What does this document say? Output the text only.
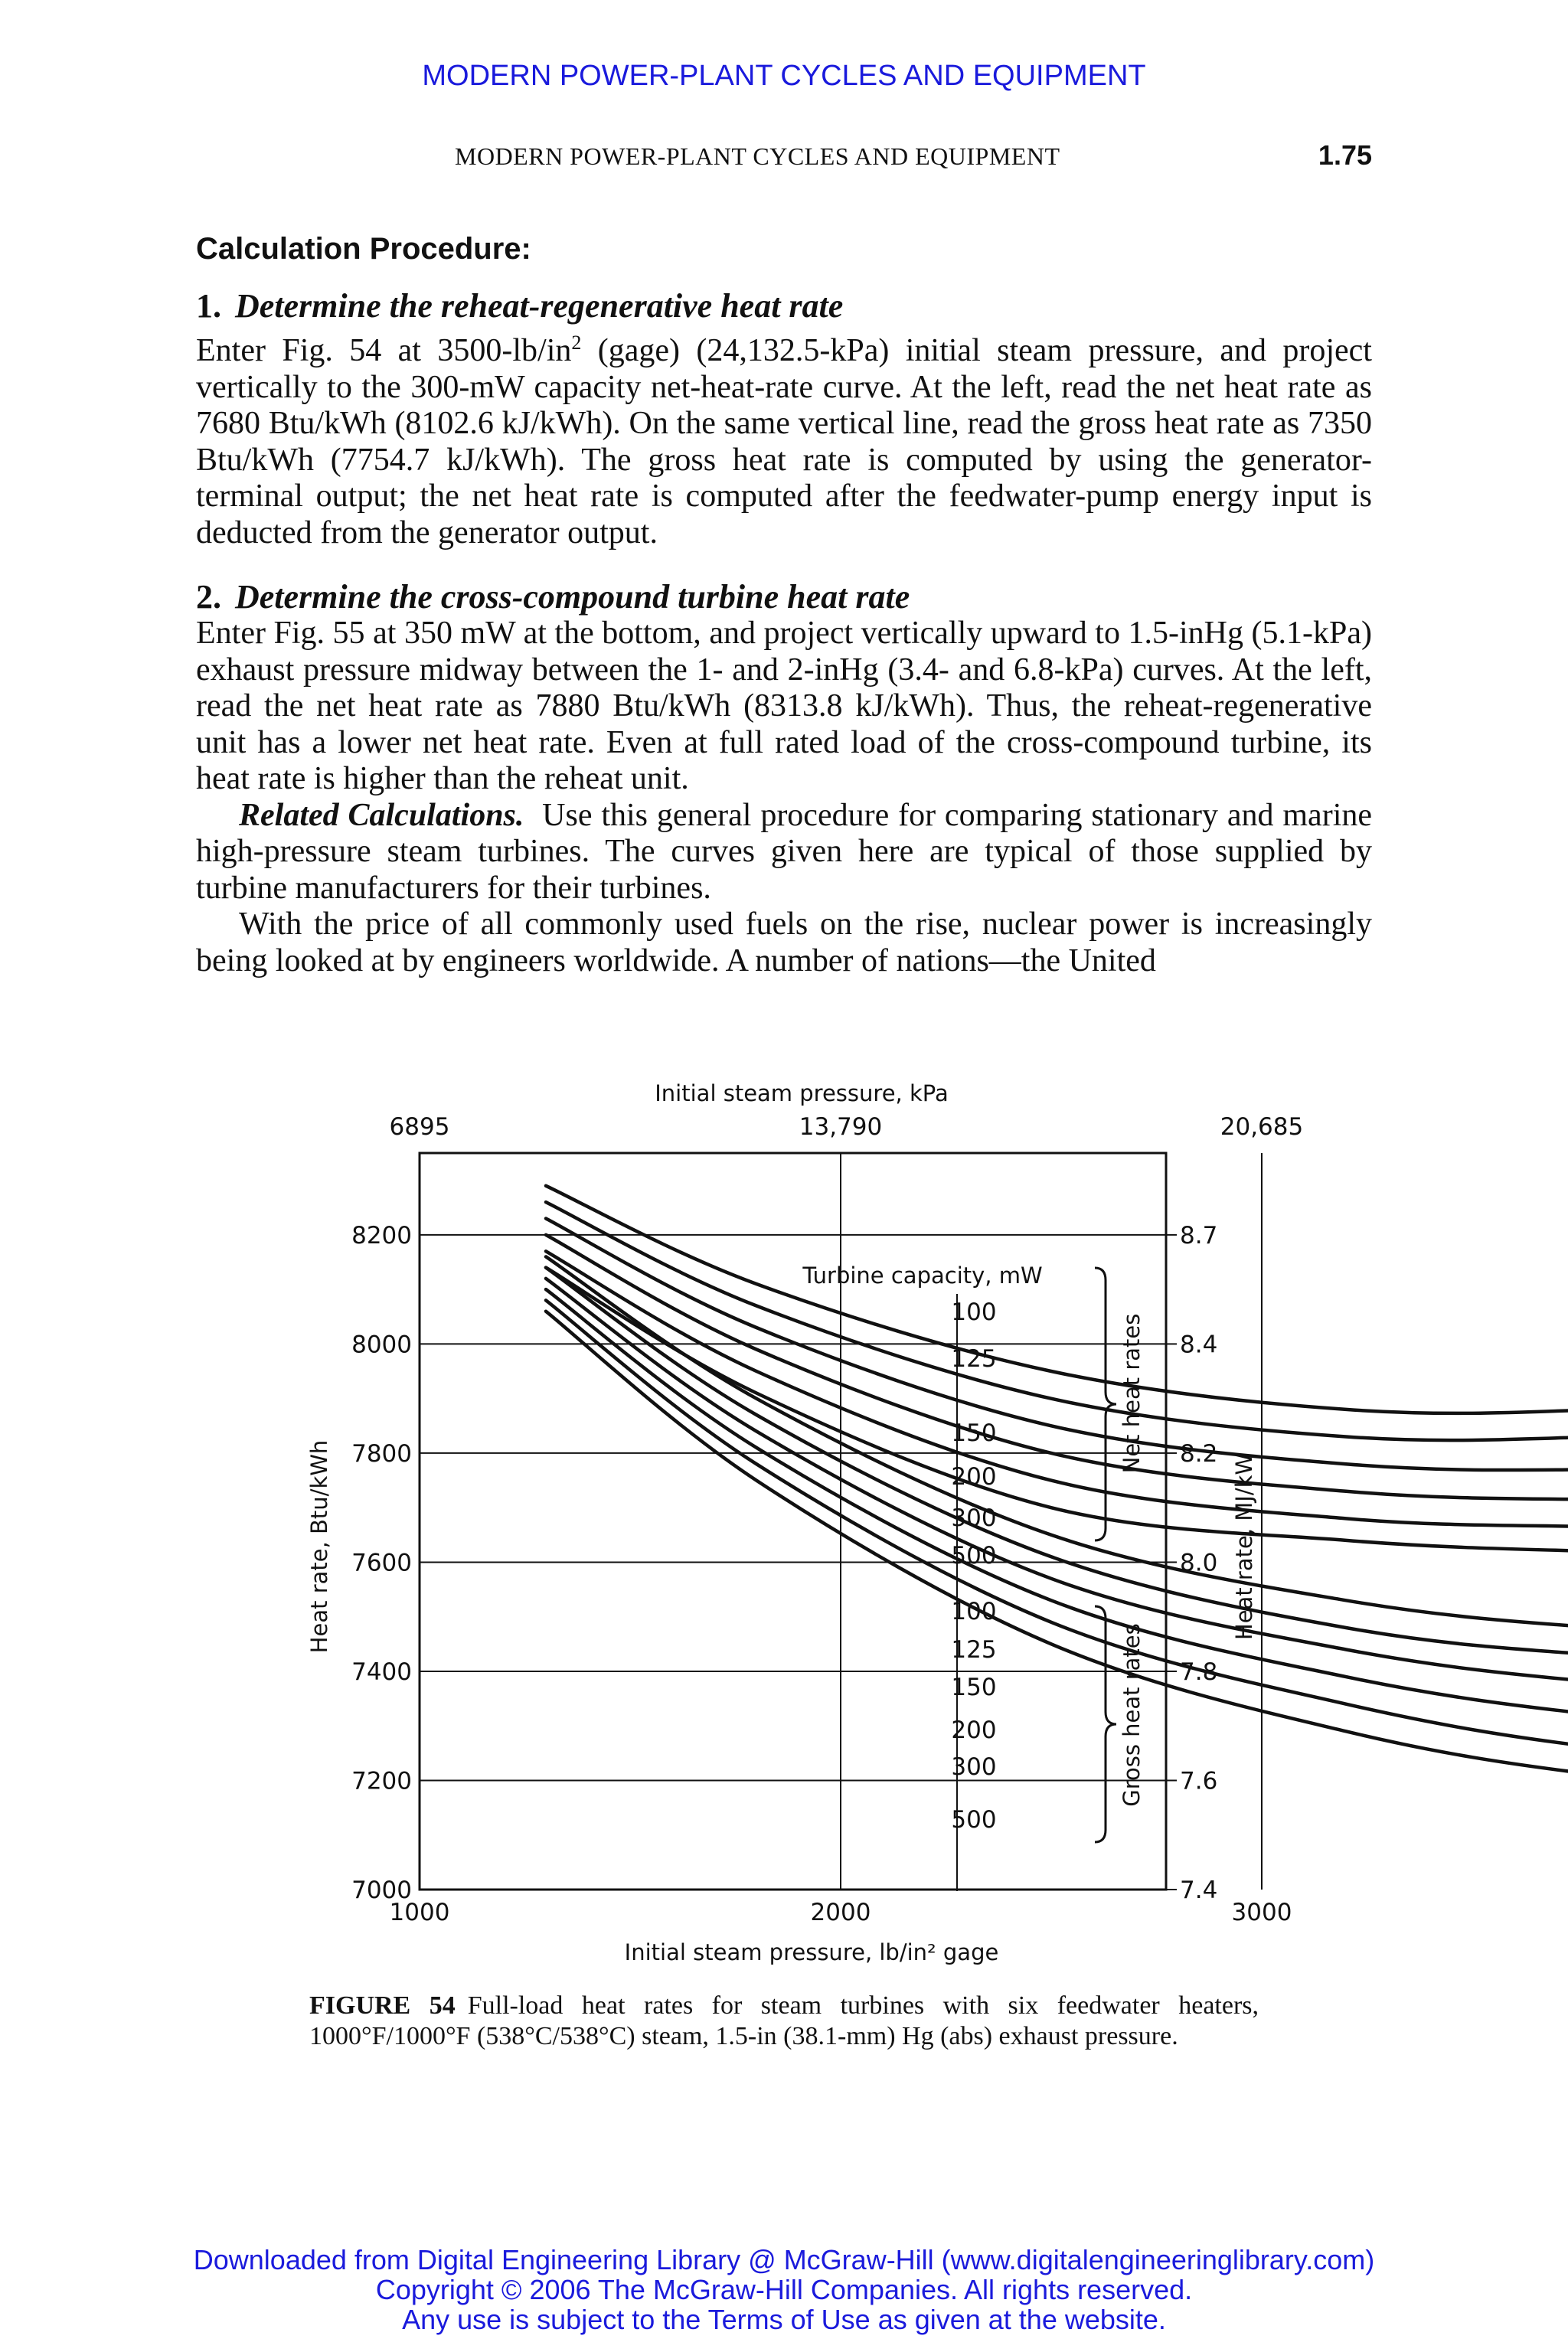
MODERN POWER-PLANT CYCLES AND EQUIPMENT
MODERN POWER-PLANT CYCLES AND EQUIPMENT	1.75
Calculation Procedure:
1. Determine the reheat-regenerative heat rate

Enter Fig. 54 at $3500-lb/in^2$ (gage) (24,132.5-kPa) initial steam pressure, and project vertically to the 300-mW capacity net-heat-rate curve. At the left, read the net heat rate as 7680 Btu/kWh (8102.6 kJ/kWh). On the same vertical line, read the gross heat rate as 7350 Btu/kWh (7754.7 kJ/kWh). The gross heat rate is computed by using the generator-terminal output; the net heat rate is computed after the feedwater-pump energy input is deducted from the generator output.

2. Determine the cross-compound turbine heat rate

Enter Fig. 55 at 350 mW at the bottom, and project vertically upward to 1.5-inHg (5.1-kPa) exhaust pressure midway between the 1- and 2-inHg (3.4- and 6.8-kPa) curves. At the left, read the net heat rate as 7880 Btu/kWh (8313.8 kJ/kWh). Thus, the reheat-regenerative unit has a lower net heat rate. Even at full rated load of the cross-compound turbine, its heat rate is higher than the reheat unit.

Related Calculations. Use this general procedure for comparing stationary and marine high-pressure steam turbines. The curves given here are typical of those supplied by turbine manufacturers for their turbines.

With the price of all commonly used fuels on the rise, nuclear power is increasingly being looked at by engineers worldwide. A number of nations—the United

1000
6895
2000
13,790
3000
20,685
7000	7.4
7200	7.6
7400	7.8
7600	8.0
7800	8.2
8000	8.4
8200	8.7
100
125
150
200
300
500
100
125
150
200
300
500
Initial steam pressure, kPa
Initial steam pressure, lb/in² gage
Heat rate, Btu/kWh	Heat rate, MJ/kW
Turbine capacity, mW
Net heat rates
Gross heat rates
FIGURE 54 Full-load heat rates for steam turbines with six feedwater heaters, 1000°F/1000°F (538°C/538°C) steam, 1.5-in (38.1-mm) Hg (abs) exhaust pressure.
Downloaded from Digital Engineering Library @ McGraw-Hill (www.digitalengineeringlibrary.com)
Copyright © 2006 The McGraw-Hill Companies. All rights reserved.
Any use is subject to the Terms of Use as given at the website.
